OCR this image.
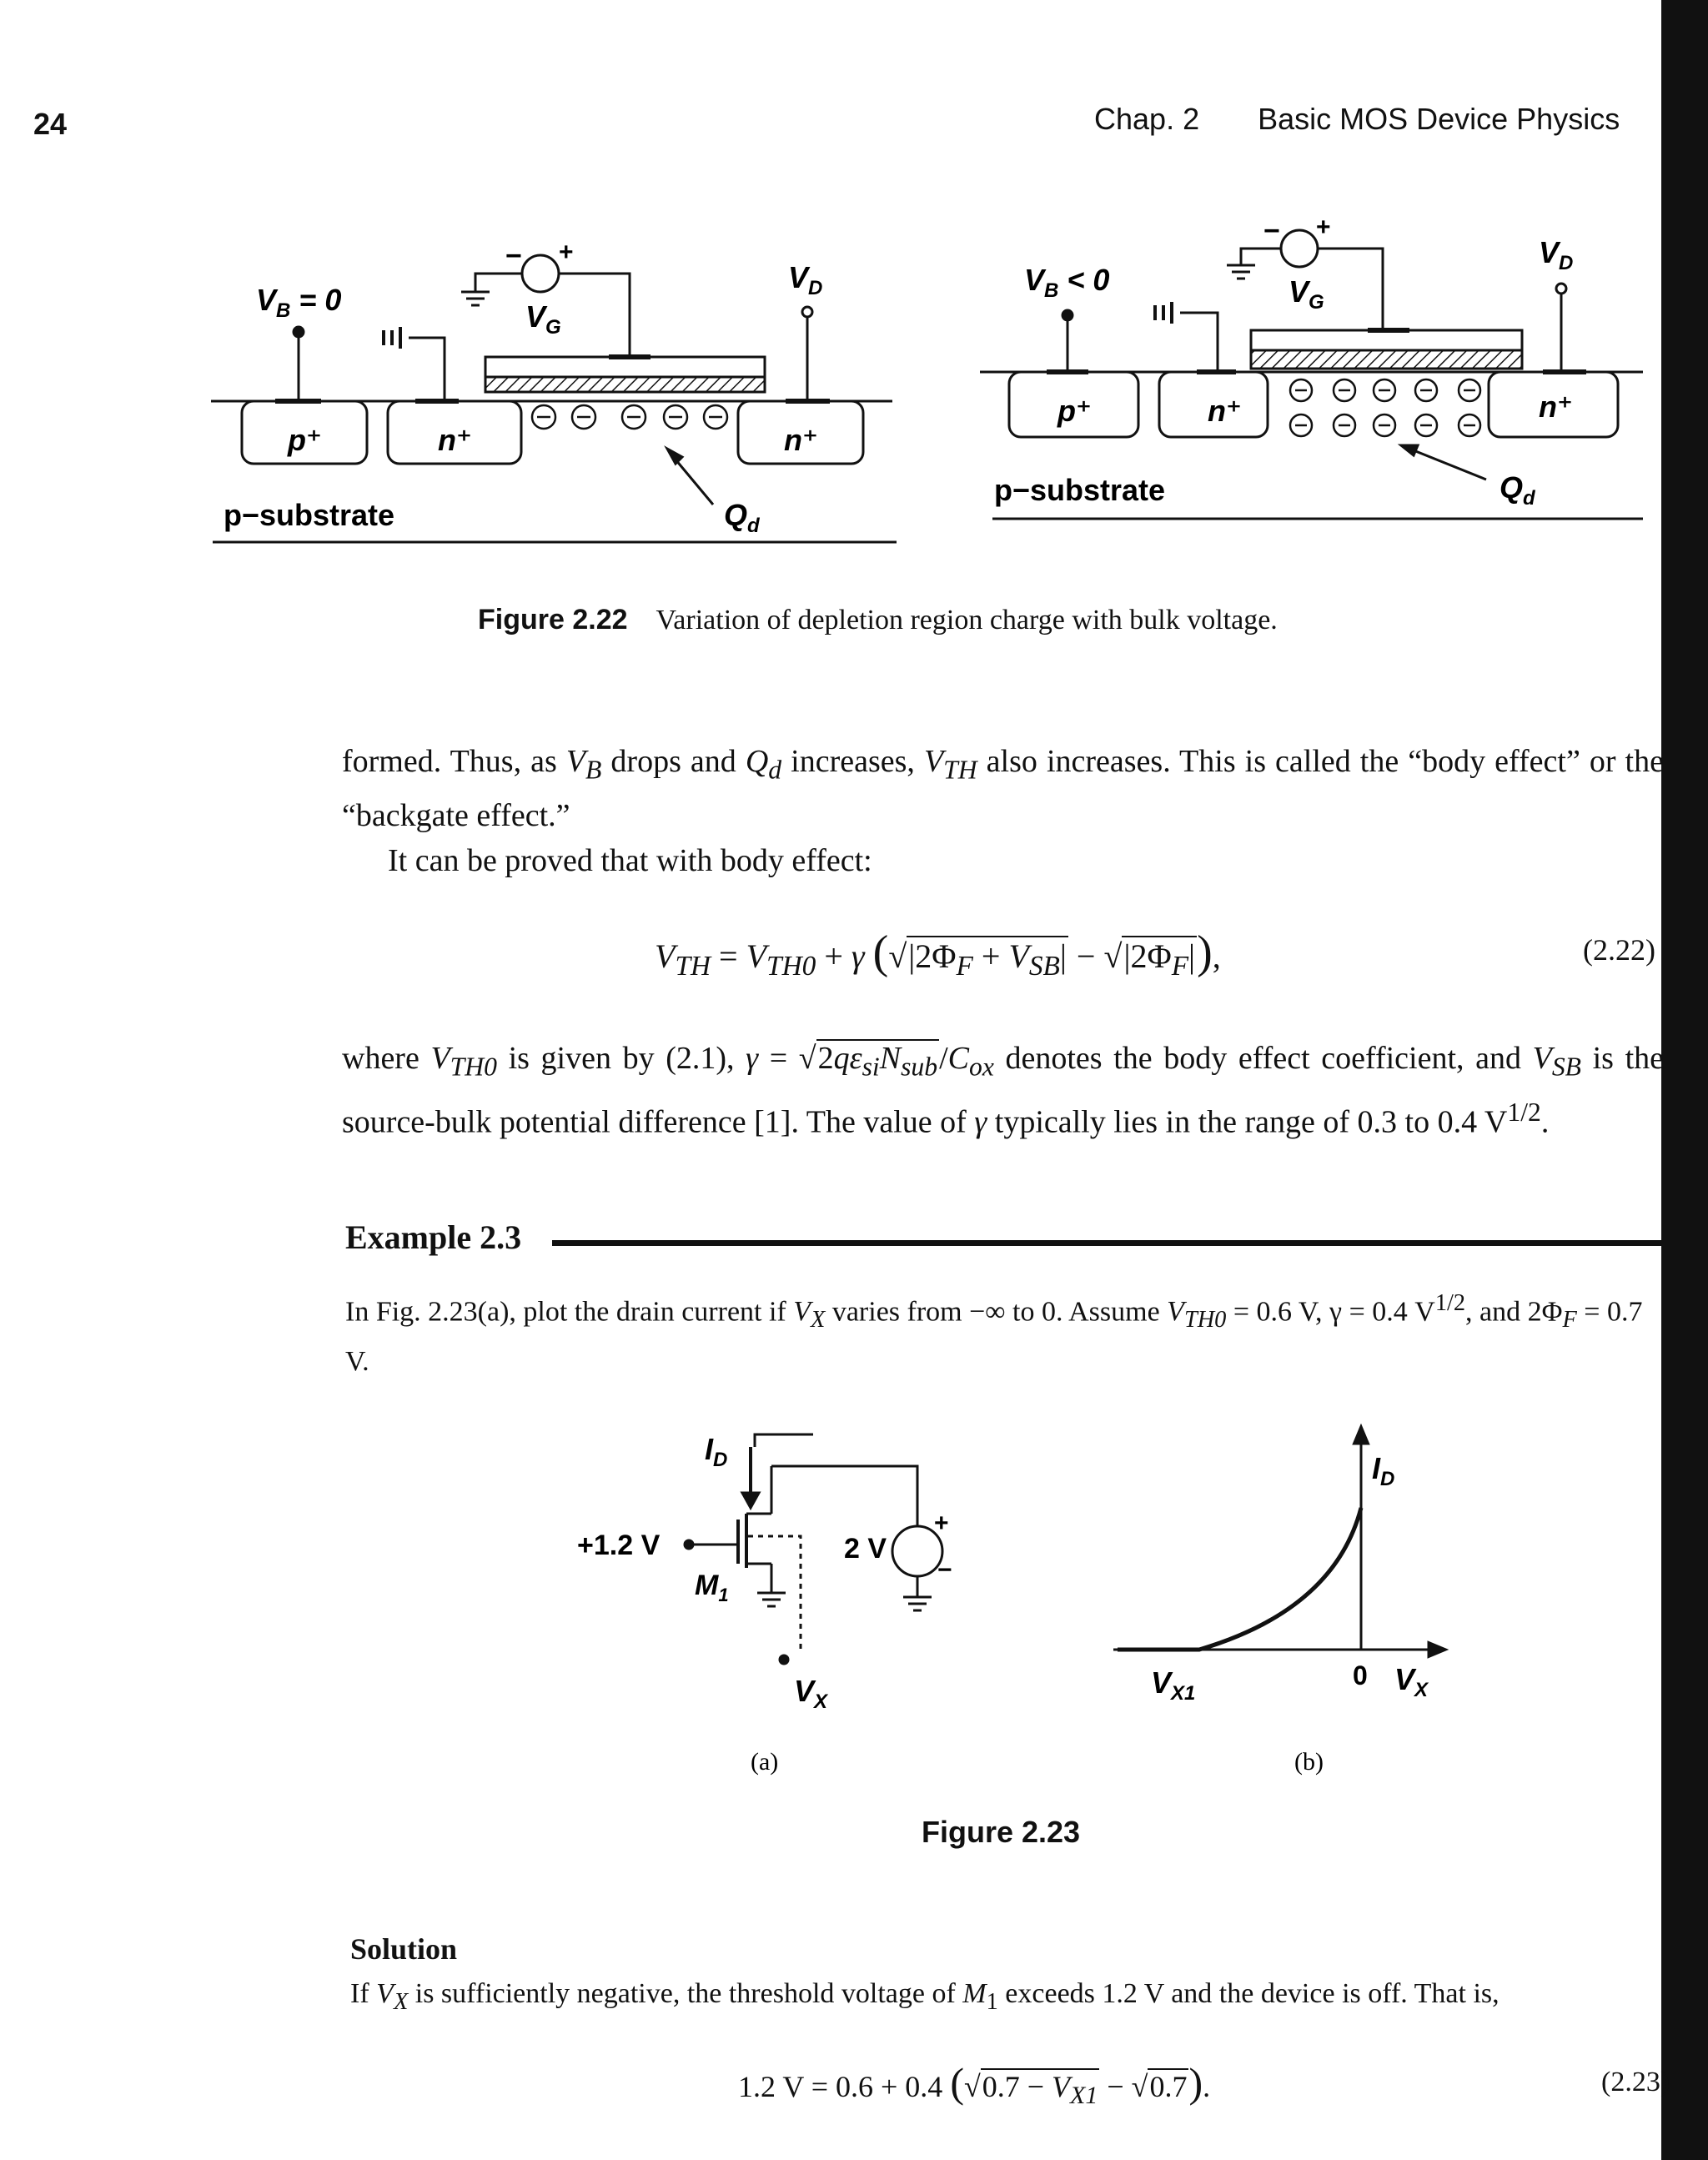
24	Chap. 2 Basic MOS Device Physics
$V_B = 0$	$V_G$
− +
$V_D$
p⁺	n⁺	n⁺
p−substrate	$Q_d$
$V_B < 0$	$V_G$
− +
$V_D$
p⁺	n⁺	n⁺
p−substrate	$Q_d$
Figure 2.22 Variation of depletion region charge with bulk voltage.

formed. Thus, as $V_B$ drops and $Q_d$ increases, $V_{TH}$ also increases. This is called the “body effect” or the “backgate effect.”

It can be proved that with body effect:

$V_{TH} = V_{TH0} + \gamma$ $(√|2\Phi_F + V_{SB}| - √|2\Phi_F|)$,	(2.22)

where $V_{TH0}$ is given by (2.1), $\gamma = √2q\varepsilon_{si}N_{sub}/C_{ox}$ denotes the body effect coefficient, and $V_{SB}$ is the source-bulk potential difference [1]. The value of γ typically lies in the range of 0.3 to 0.4 $V^{1/2}$.

Example 2.3
In Fig. 2.23(a), plot the drain current if $V_X$ varies from −∞ to 0. Assume $V_{TH0} = 0.6$ V, γ = 0.4 $V^{1/2}$, and $2\Phi_F = 0.7$ V.
$I_D$
+1.2 V
$M_1$
2 V
+
−
$V_X$
(a)
$I_D$
$V_{X1}$
0 $V_X$
(b)
Figure 2.23
Solution
If $V_X$ is sufficiently negative, the threshold voltage of $M_1$ exceeds 1.2 V and the device is off. That is,
1.2 V = 0.6 + 0.4 $(√0.7 - V_{X1} - √0.7)$.	(2.23)
